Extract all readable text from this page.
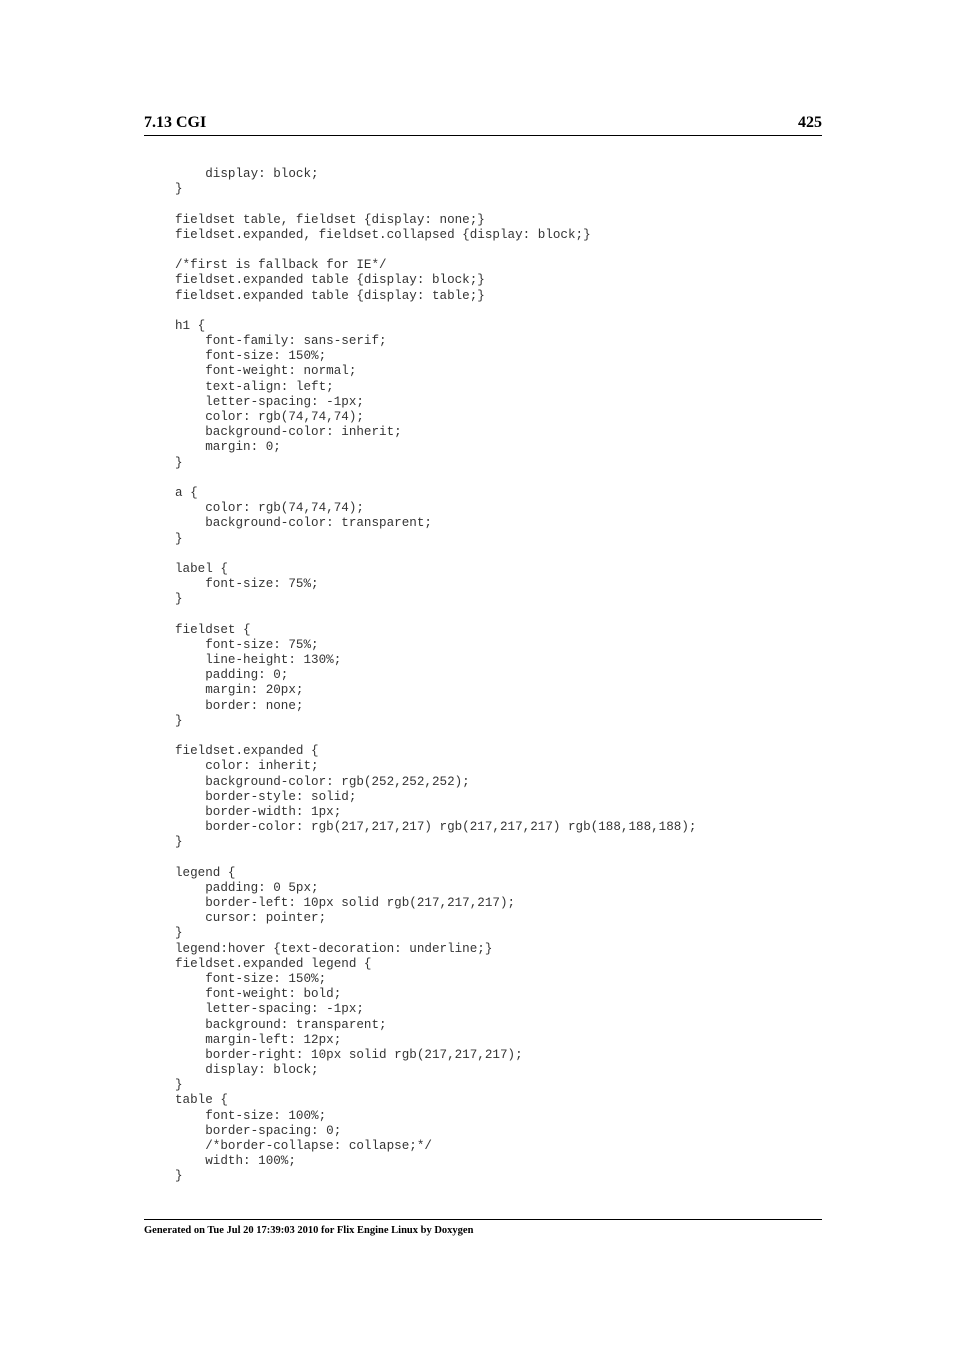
7.13 CGI	425
display: block;
}
fieldset table, fieldset {display: none;}
fieldset.expanded, fieldset.collapsed {display: block;}
/*first is fallback for IE*/
fieldset.expanded table {display: block;}
fieldset.expanded table {display: table;}
h1 {
font-family: sans-serif;
font-size: 150%;
font-weight: normal;
text-align: left;
letter-spacing: -1px;
color: rgb(74,74,74);
background-color: inherit;
margin: 0;
}
a {
color: rgb(74,74,74);
background-color: transparent;
}
label {
font-size: 75%;
}
fieldset {
font-size: 75%;
line-height: 130%;
padding: 0;
margin: 20px;
border: none;
}
fieldset.expanded {
color: inherit;
background-color: rgb(252,252,252);
border-style: solid;
border-width: 1px;
border-color: rgb(217,217,217) rgb(217,217,217) rgb(188,188,188);
}
legend {
padding: 0 5px;
border-left: 10px solid rgb(217,217,217);
cursor: pointer;
}
legend:hover {text-decoration: underline;}
fieldset.expanded legend {
font-size: 150%;
font-weight: bold;
letter-spacing: -1px;
background: transparent;
margin-left: 12px;
border-right: 10px solid rgb(217,217,217);
display: block;
}
table {
font-size: 100%;
border-spacing: 0;
/*border-collapse: collapse;*/
width: 100%;
}
Generated on Tue Jul 20 17:39:03 2010 for Flix Engine Linux by Doxygen
